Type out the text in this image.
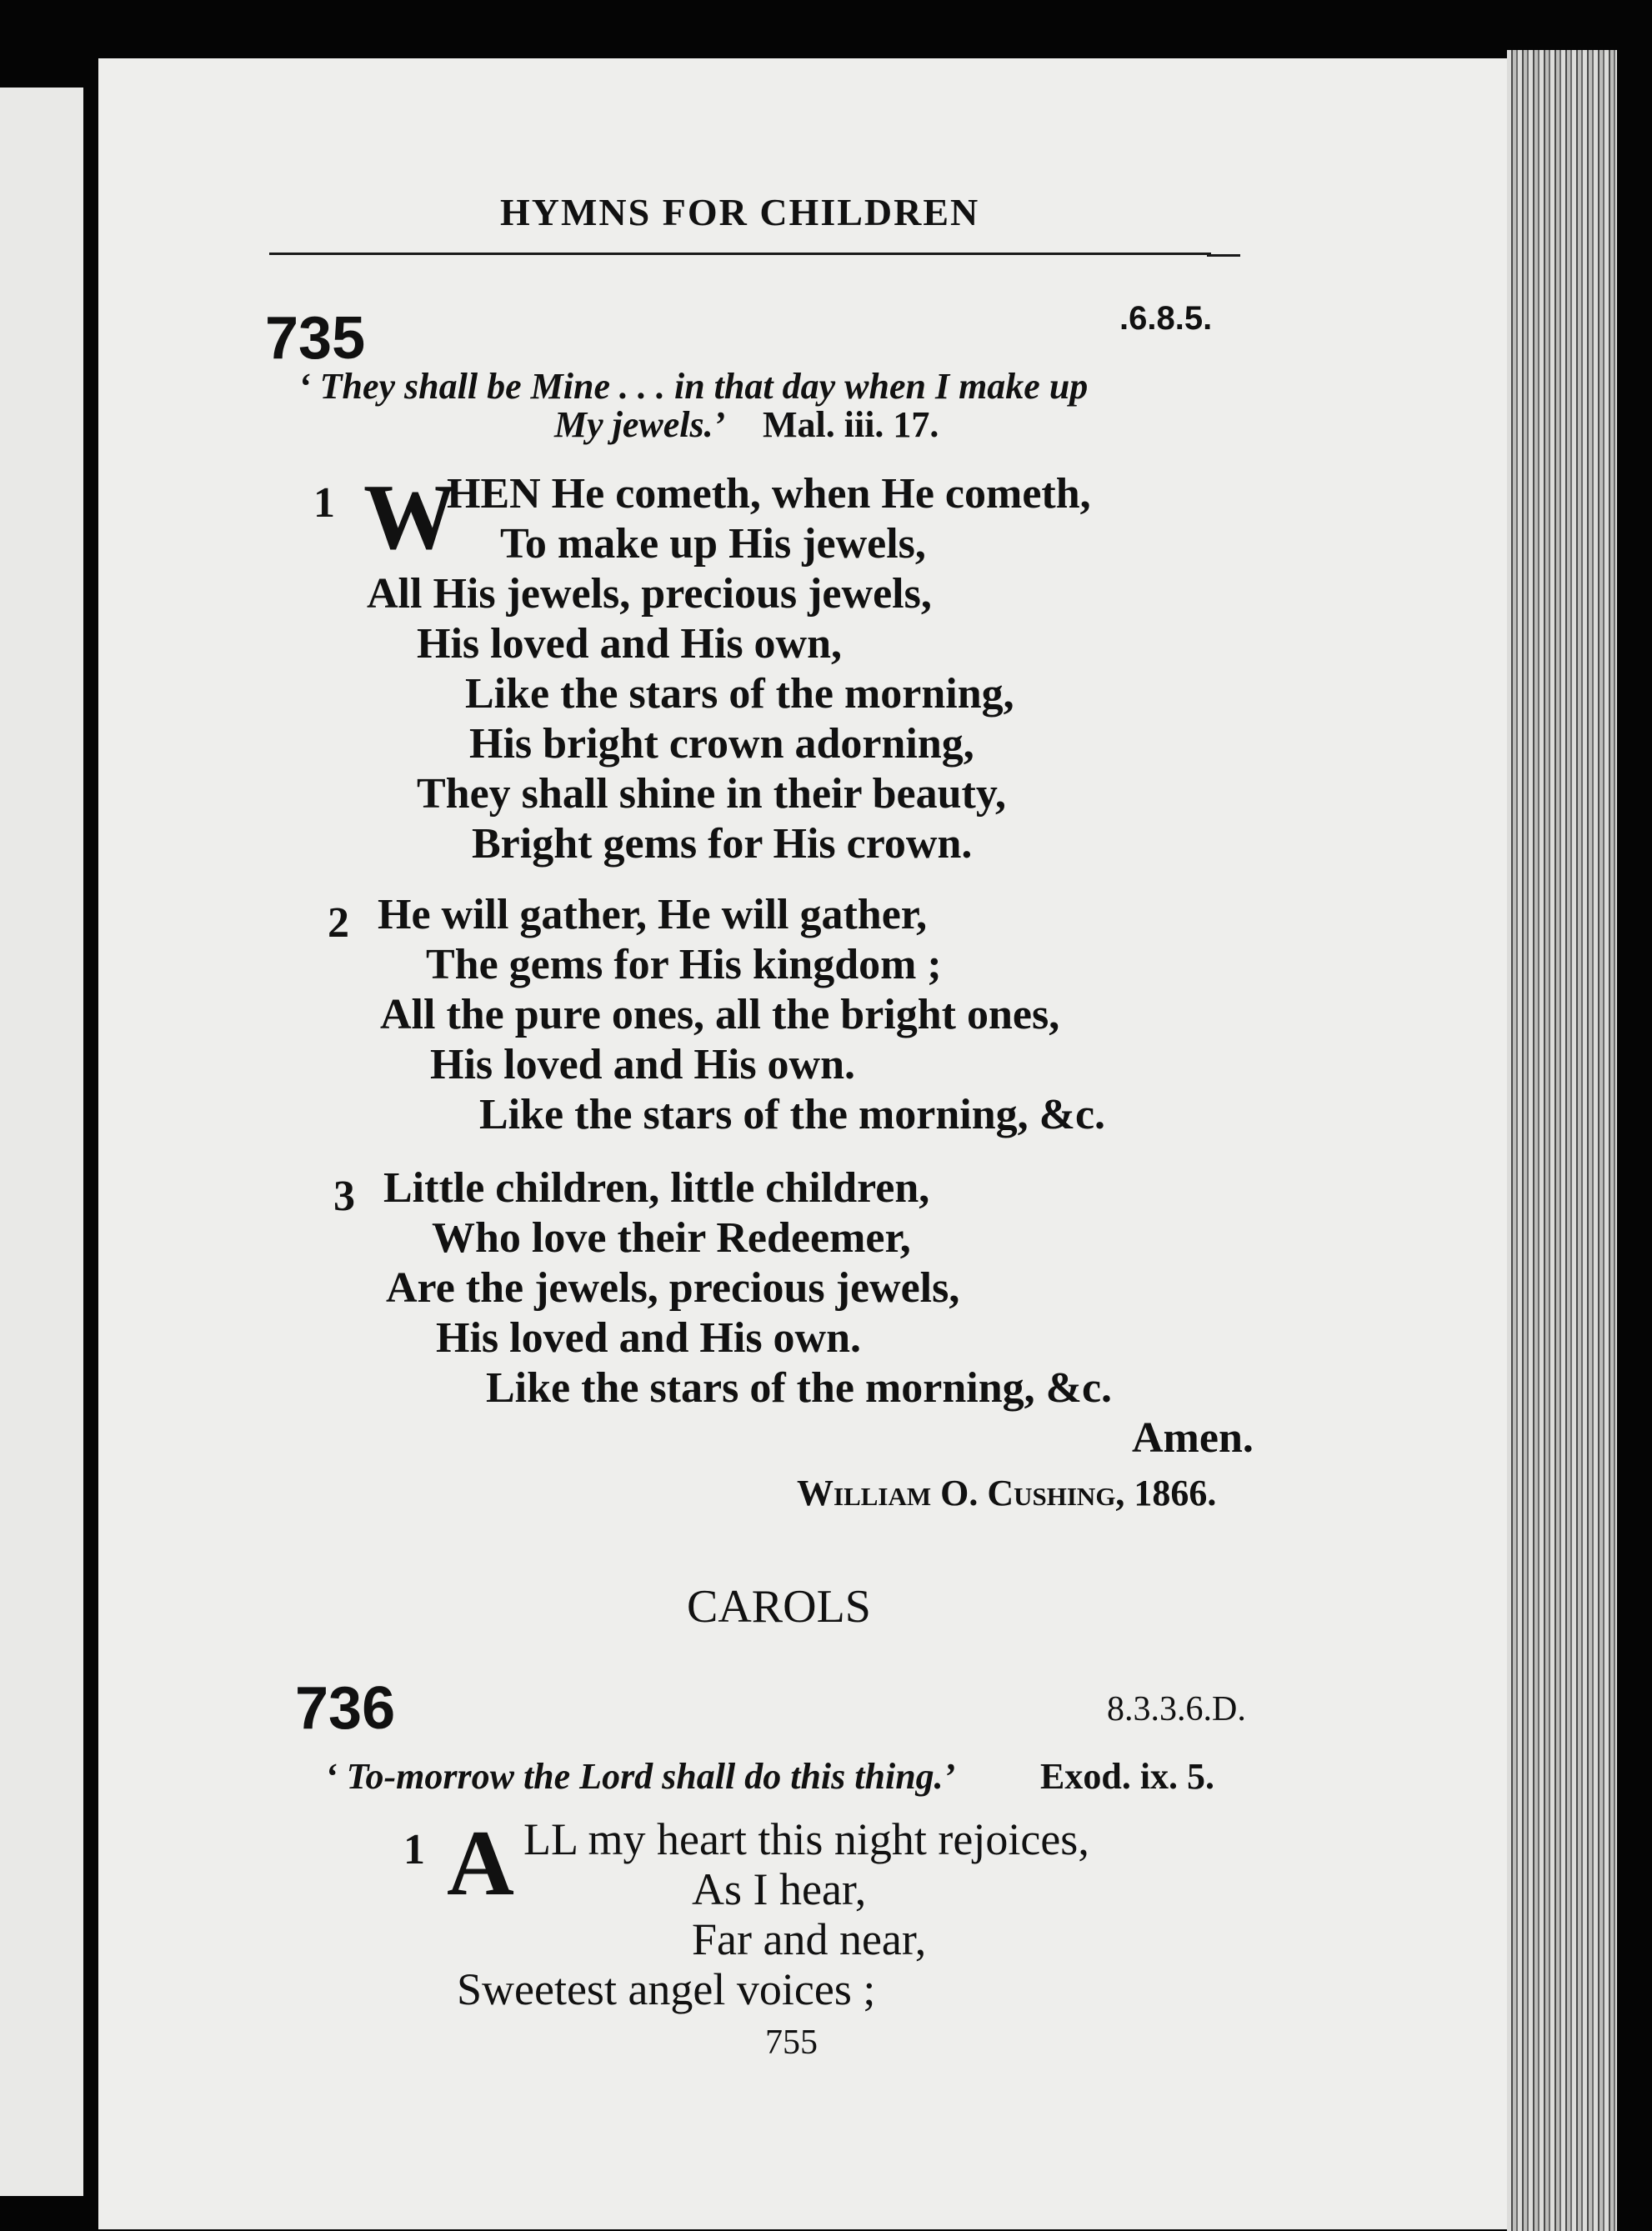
HYMNS FOR CHILDREN
735	.6.8.5.
‘ They shall be Mine . . . in that day when I make up
My jewels.’ Mal. iii. 17.
1 W
HEN He cometh, when He cometh,
To make up His jewels,
All His jewels, precious jewels,
His loved and His own,
Like the stars of the morning,
His bright crown adorning,
They shall shine in their beauty,
Bright gems for His crown.
2 He will gather, He will gather,
The gems for His kingdom ;
All the pure ones, all the bright ones,
His loved and His own.
Like the stars of the morning, &c.
3 Little children, little children,
Who love their Redeemer,
Are the jewels, precious jewels,
His loved and His own.
Like the stars of the morning, &c.
Amen.
William O. Cushing, 1866.
CAROLS
736	8.3.3.6.D.
‘ To-morrow the Lord shall do this thing.’ Exod. ix. 5.
1 A LL my heart this night rejoices,
As I hear,
Far and near,
Sweetest angel voices ;
755
